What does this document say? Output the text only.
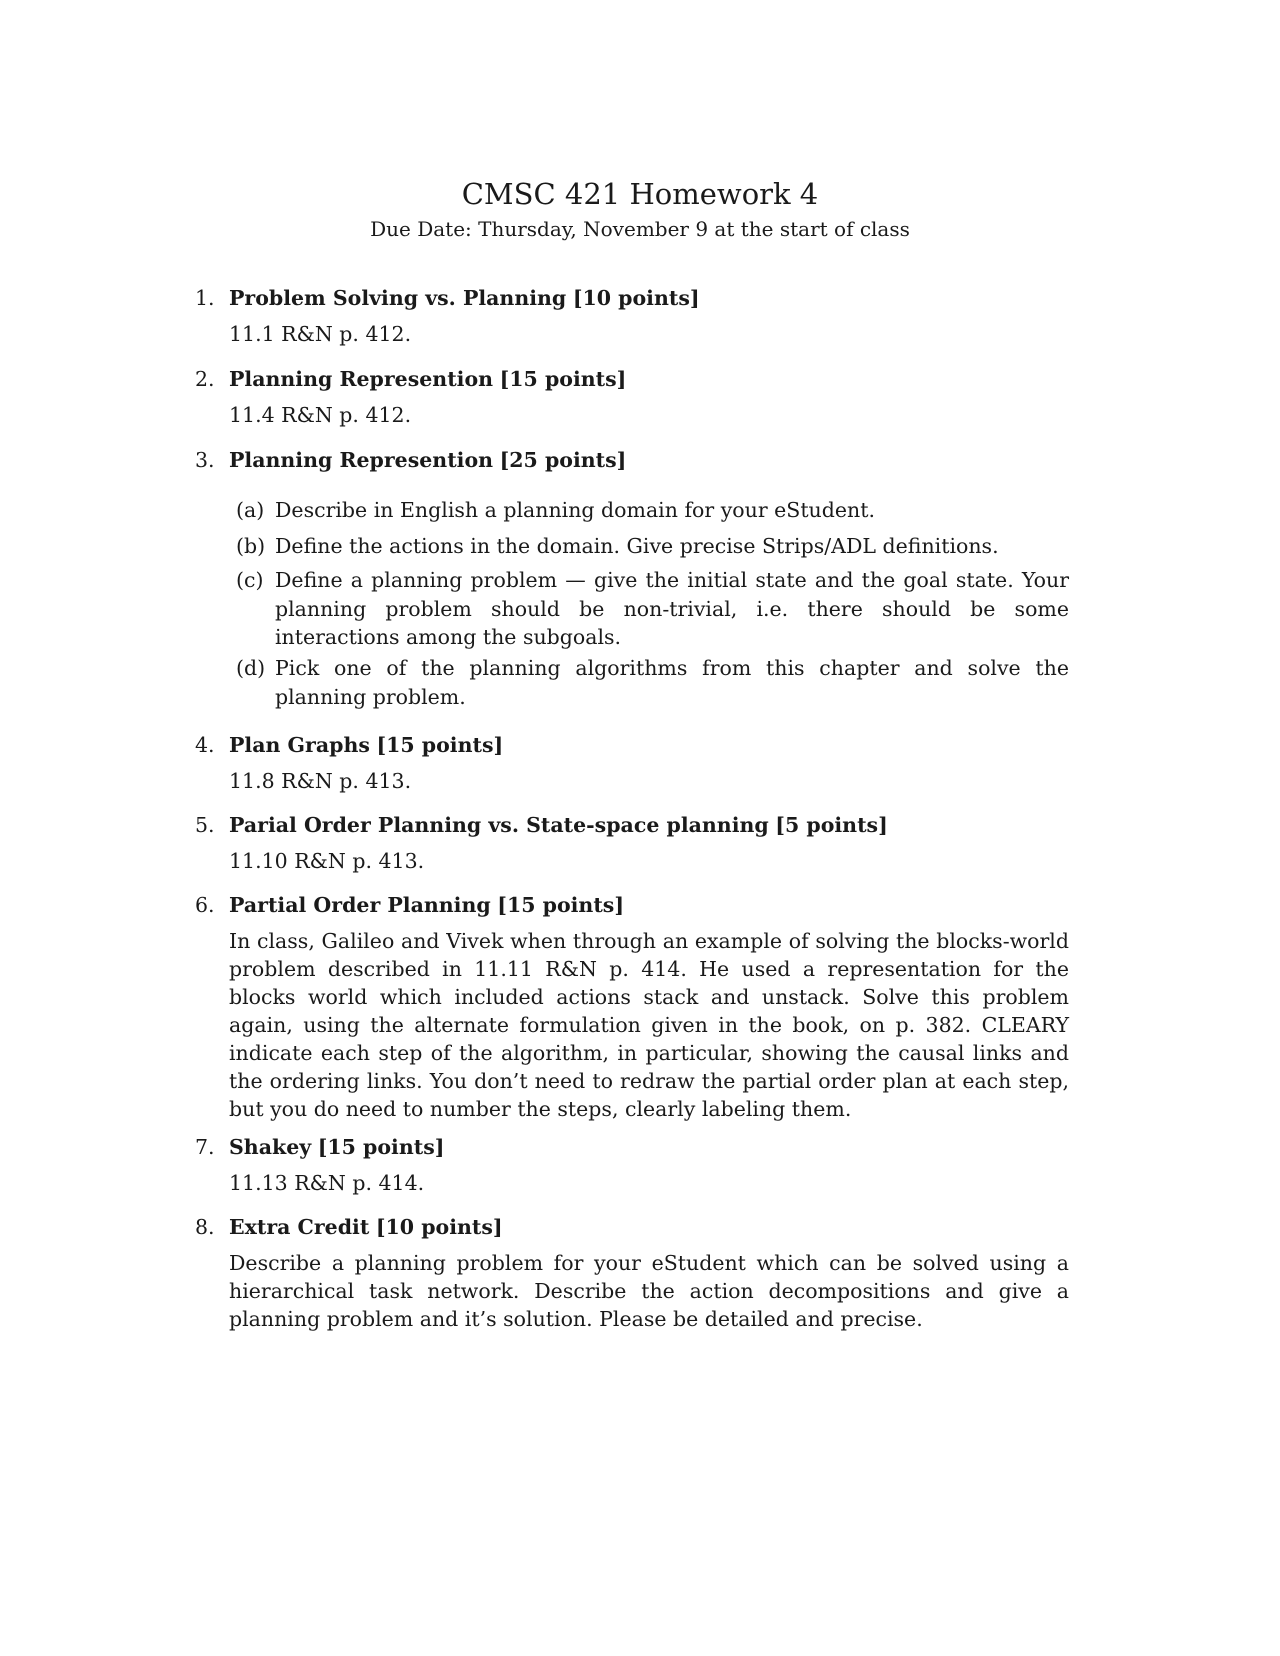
CMSC 421 Homework 4
Due Date: Thursday, November 9 at the start of class
1. Problem Solving vs. Planning [10 points]
11.1 R&N p. 412.
2. Planning Represention [15 points]
11.4 R&N p. 412.
3. Planning Represention [25 points]
(a) Describe in English a planning domain for your eStudent.
(b) Define the actions in the domain. Give precise Strips/ADL definitions.
(c) Define a planning problem — give the initial state and the goal state. Your planning problem should be non-trivial, i.e. there should be some interactions among the subgoals.
(d) Pick one of the planning algorithms from this chapter and solve the planning problem.
4. Plan Graphs [15 points]
11.8 R&N p. 413.
5. Parial Order Planning vs. State-space planning [5 points]
11.10 R&N p. 413.
6. Partial Order Planning [15 points]
In class, Galileo and Vivek when through an example of solving the blocks-world problem described in 11.11 R&N p. 414. He used a representation for the blocks world which included actions stack and unstack. Solve this problem again, using the alternate formulation given in the book, on p. 382. CLEARY indicate each step of the algorithm, in particular, showing the causal links and the ordering links. You don’t need to redraw the partial order plan at each step, but you do need to number the steps, clearly labeling them.
7. Shakey [15 points]
11.13 R&N p. 414.
8. Extra Credit [10 points]
Describe a planning problem for your eStudent which can be solved using a hierarchical task network. Describe the action decompositions and give a planning problem and it’s solution. Please be detailed and precise.
